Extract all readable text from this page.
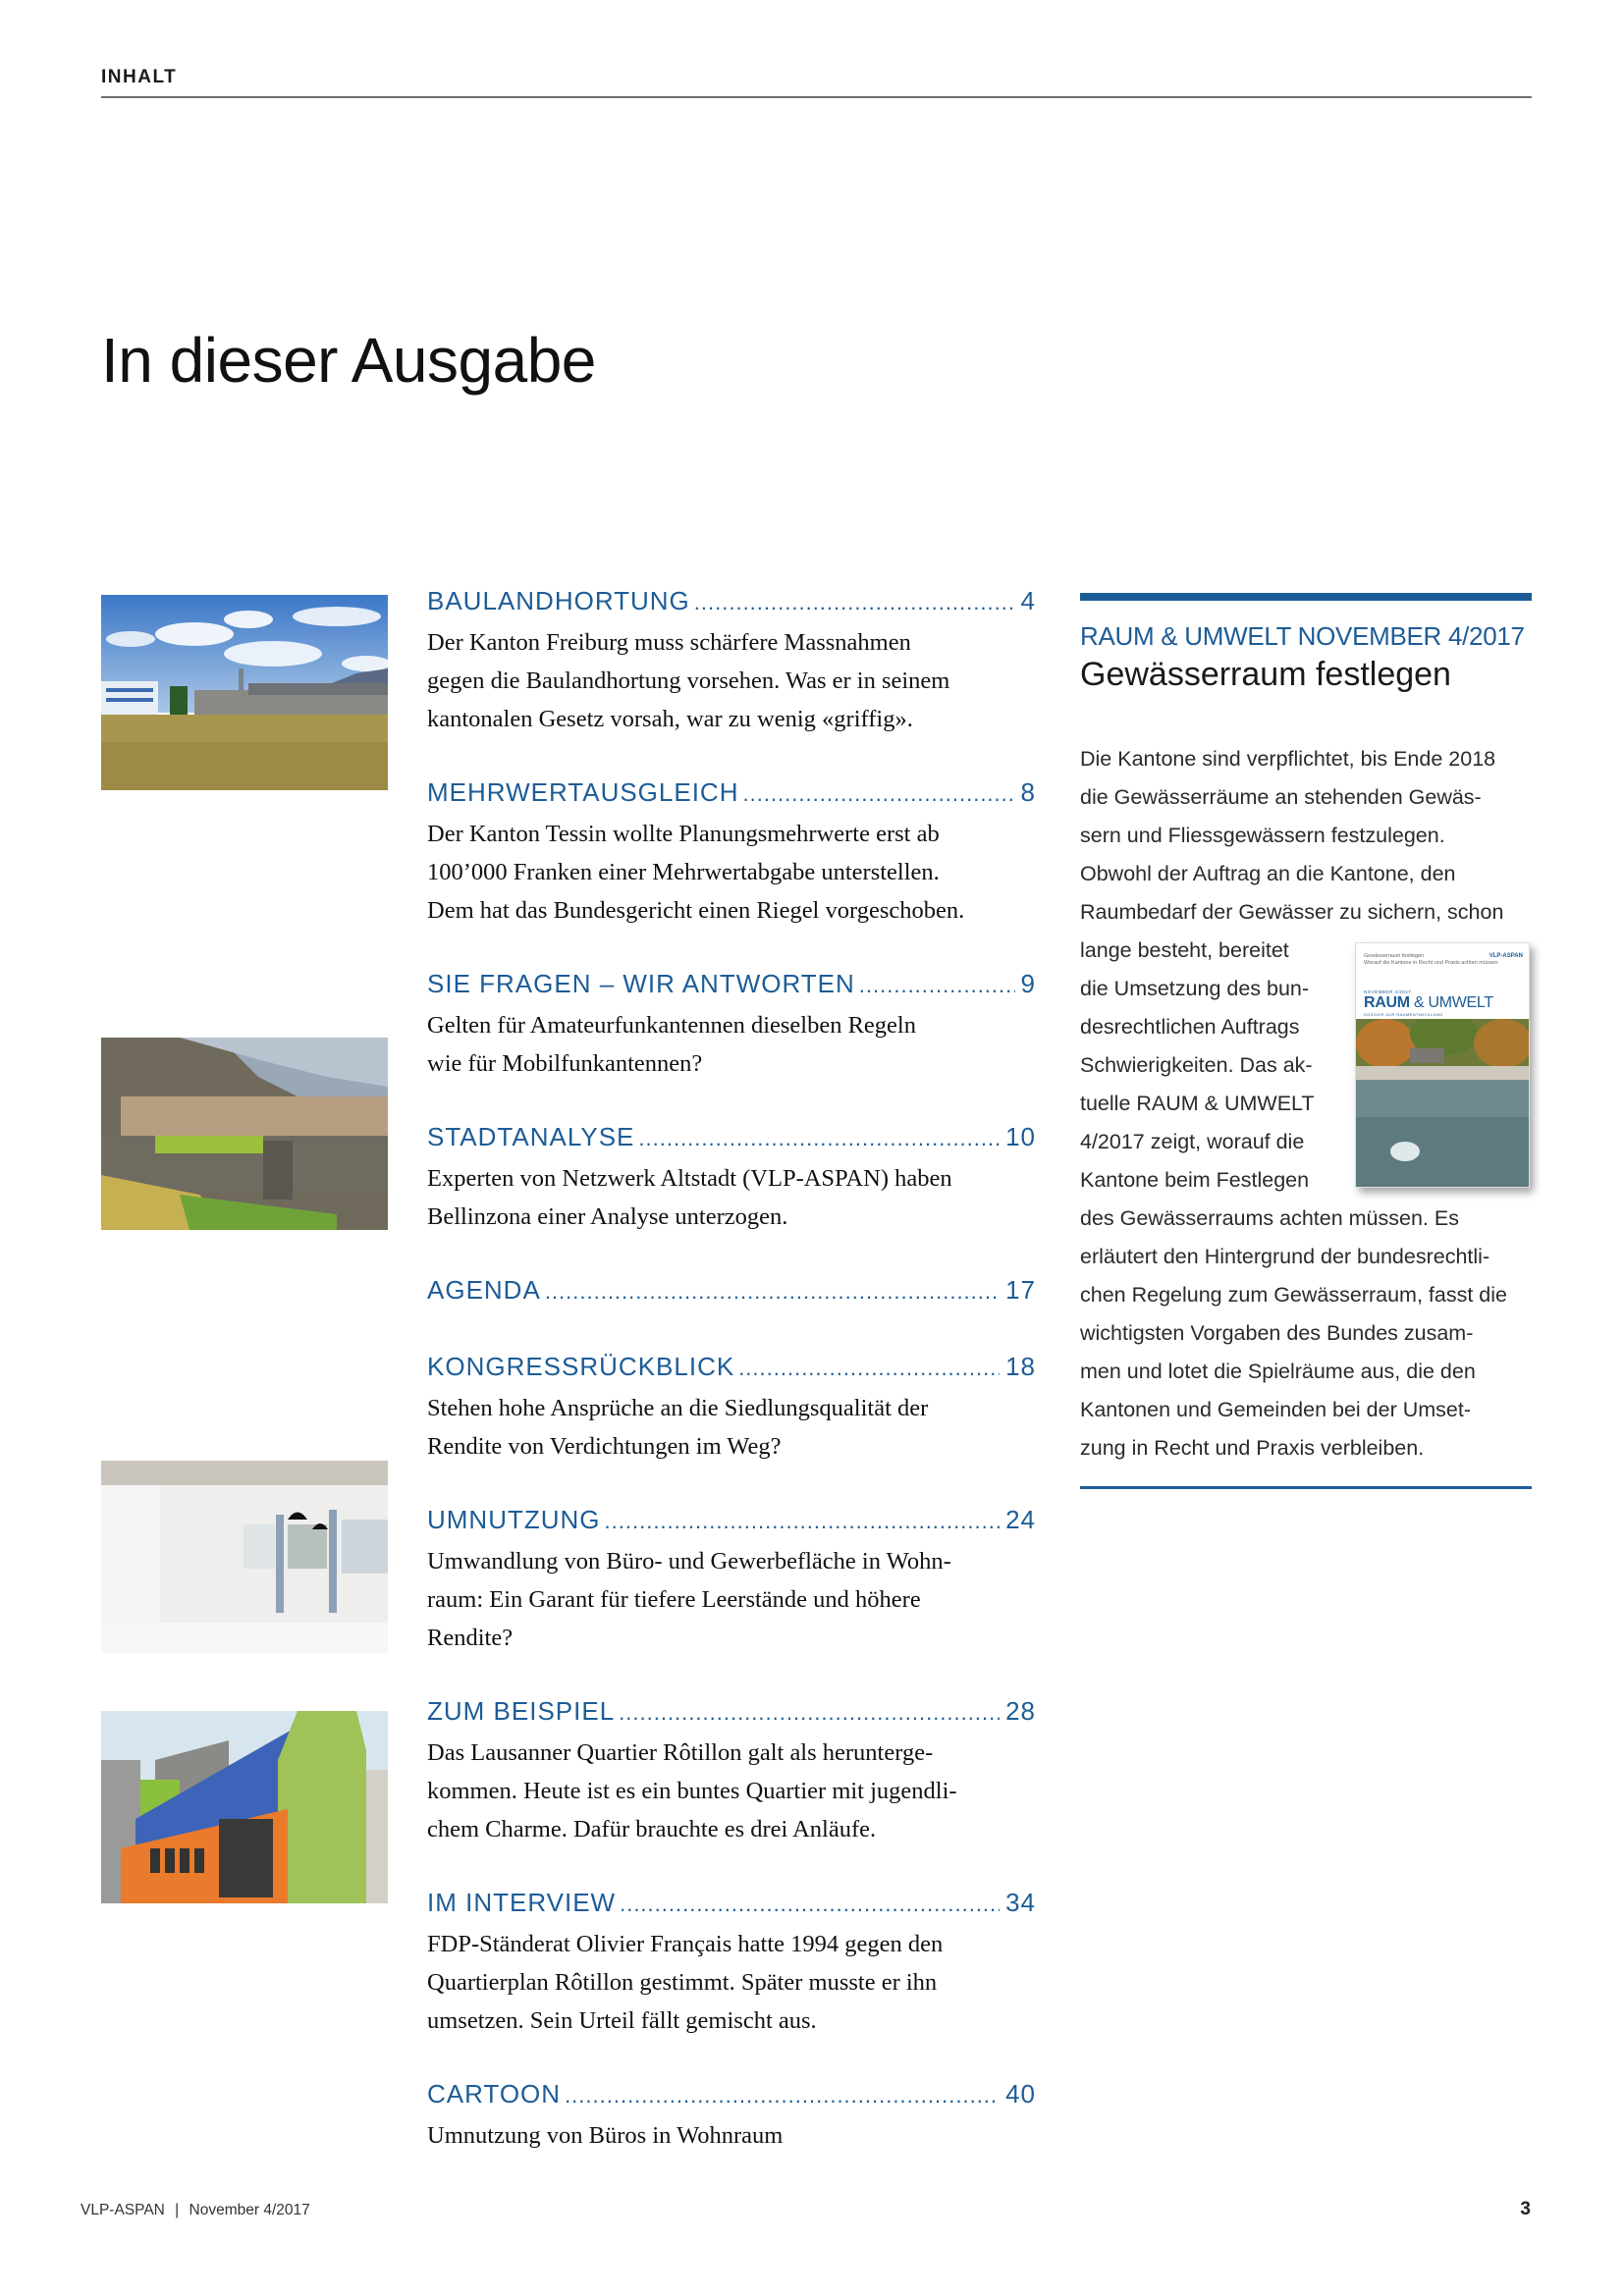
INHALT
In dieser Ausgabe
BAULANDHORTUNG .....	4
Der Kanton Freiburg muss schärfere Massnahmen
gegen die Baulandhortung vorsehen. Was er in seinem
kantonalen Gesetz vorsah, war zu wenig «griffig».
MEHRWERTAUSGLEICH .....	8
Der Kanton Tessin wollte Planungsmehrwerte erst ab
100’000 Franken einer Mehrwertabgabe unterstellen.
Dem hat das Bundesgericht einen Riegel vorgeschoben.
SIE FRAGEN – WIR ANTWORTEN .....	9
Gelten für Amateurfunkantennen dieselben Regeln
wie für Mobilfunkantennen?
STADTANALYSE .....	10
Experten von Netzwerk Altstadt (VLP-ASPAN) haben
Bellinzona einer Analyse unterzogen.
AGENDA .....	17
KONGRESSRÜCKBLICK .....	18
Stehen hohe Ansprüche an die Siedlungsqualität der
Rendite von Verdichtungen im Weg?
UMNUTZUNG .....	24
Umwandlung von Büro- und Gewerbefläche in Wohn-
raum: Ein Garant für tiefere Leerstände und höhere
Rendite?
ZUM BEISPIEL .....	28
Das Lausanner Quartier Rôtillon galt als herunterge-
kommen. Heute ist es ein buntes Quartier mit jugendli-
chem Charme. Dafür brauchte es drei Anläufe.
IM INTERVIEW .....	34
FDP-Ständerat Olivier Français hatte 1994 gegen den
Quartierplan Rôtillon gestimmt. Später musste er ihn
umsetzen. Sein Urteil fällt gemischt aus.
CARTOON .....	40
Umnutzung von Büros in Wohnraum
RAUM & UMWELT NOVEMBER 4/2017
Gewässerraum festlegen
Die Kantone sind verpflichtet, bis Ende 2018
die Gewässerräume an stehenden Gewäs-
sern und Fliessgewässern festzulegen.
Obwohl der Auftrag an die Kantone, den
Raumbedarf der Gewässer zu sichern, schon
lange besteht, bereitet
die Umsetzung des bun-
desrechtlichen Auftrags
Schwierigkeiten. Das ak-
tuelle RAUM & UMWELT
4/2017 zeigt, worauf die
Kantone beim Festlegen
des Gewässerraums achten müssen. Es
erläutert den Hintergrund der bundesrechtli-
chen Regelung zum Gewässerraum, fasst die
wichtigsten Vorgaben des Bundes zusam-
men und lotet die Spielräume aus, die den
Kantonen und Gemeinden bei der Umset-
zung in Recht und Praxis verbleiben.
Gewässerraum festlegen
Worauf die Kantone in Recht und Praxis achten müssen
VLP-ASPAN
NOVEMBER 4/2017
RAUM & UMWELT
DOSSIER ZUR RAUMENTWICKLUNG
VLP-ASPAN | November 4/2017	3
